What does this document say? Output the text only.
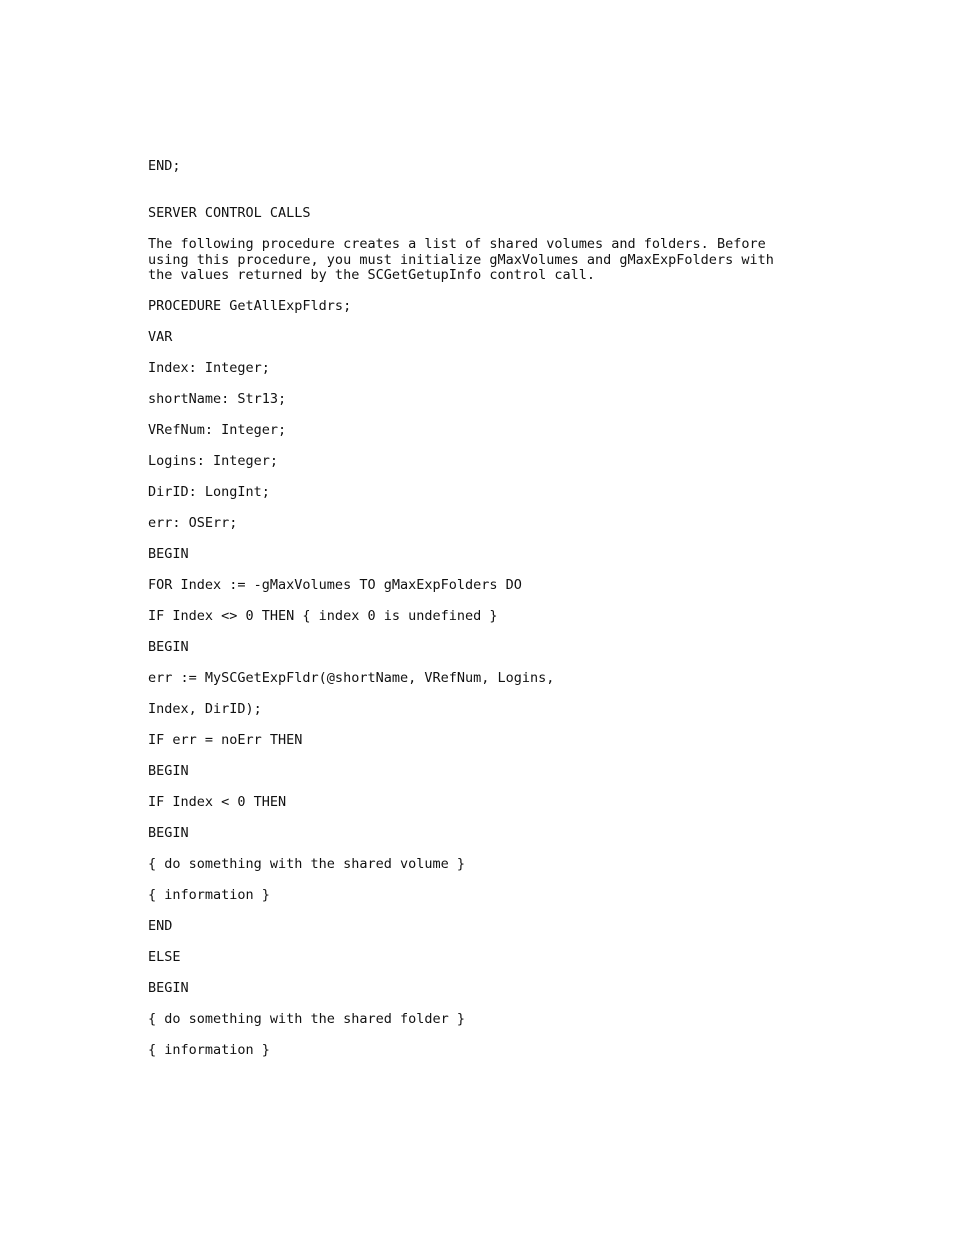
END;

SERVER CONTROL CALLS

The following procedure creates a list of shared volumes and folders. Before

using this procedure, you must initialize gMaxVolumes and gMaxExpFolders with

the values returned by the SCGetGetupInfo control call.

PROCEDURE GetAllExpFldrs;

VAR

Index: Integer;

shortName: Str13;

VRefNum: Integer;

Logins: Integer;

DirID: LongInt;

err: OSErr;

BEGIN

FOR Index := -gMaxVolumes TO gMaxExpFolders DO

IF Index <> 0 THEN { index 0 is undefined }

BEGIN

err := MySCGetExpFldr(@shortName, VRefNum, Logins,

Index, DirID);

IF err = noErr THEN

BEGIN

IF Index < 0 THEN

BEGIN

{ do something with the shared volume }

{ information }

END

ELSE

BEGIN

{ do something with the shared folder }

{ information }
